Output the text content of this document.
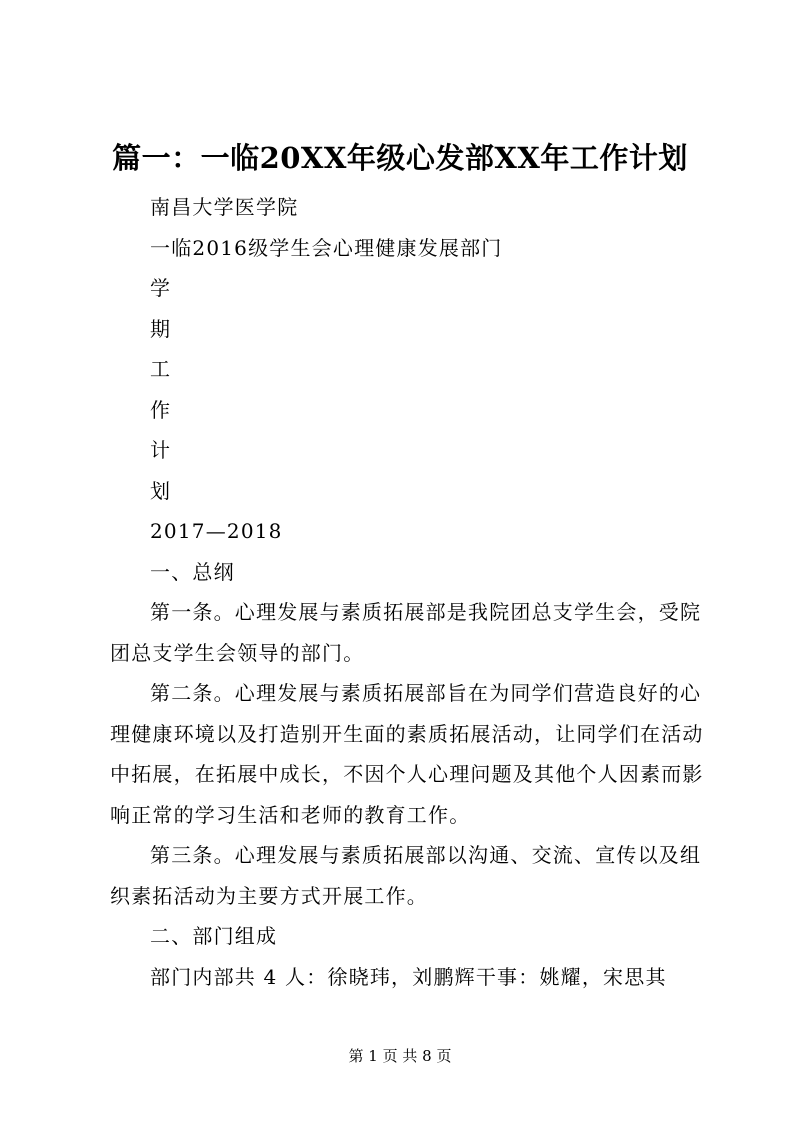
篇一：一临20XX年级心发部XX年工作计划

南昌大学医学院

一临2016级学生会心理健康发展部门

学

期

工

作

计

划

2017—2018

一、总纲

第一条。心理发展与素质拓展部是我院团总支学生会，受院

团总支学生会领导的部门。

第二条。心理发展与素质拓展部旨在为同学们营造良好的心

理健康环境以及打造别开生面的素质拓展活动，让同学们在活动

中拓展，在拓展中成长，不因个人心理问题及其他个人因素而影

响正常的学习生活和老师的教育工作。

第三条。心理发展与素质拓展部以沟通、交流、宣传以及组

织素拓活动为主要方式开展工作。

二、部门组成

部门内部共 4 人：徐晓玮，刘鹏辉干事：姚耀，宋思其

第 1 页 共 8 页
